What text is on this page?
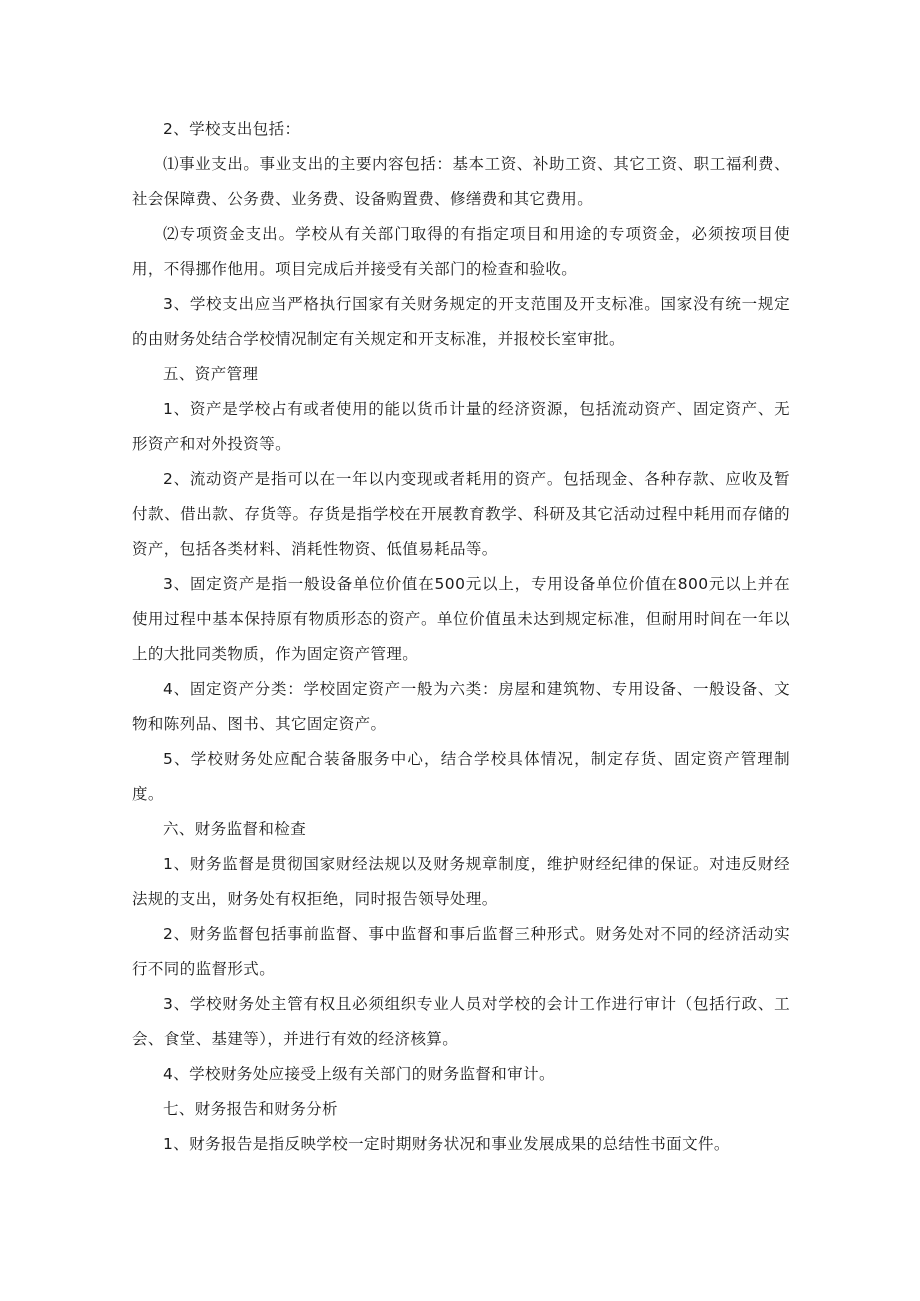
2、学校支出包括：

⑴事业支出。事业支出的主要内容包括：基本工资、补助工资、其它工资、职工福利费、社会保障费、公务费、业务费、设备购置费、修缮费和其它费用。

⑵专项资金支出。学校从有关部门取得的有指定项目和用途的专项资金，必须按项目使用，不得挪作他用。项目完成后并接受有关部门的检查和验收。

3、学校支出应当严格执行国家有关财务规定的开支范围及开支标准。国家没有统一规定的由财务处结合学校情况制定有关规定和开支标准，并报校长室审批。

五、资产管理

1、资产是学校占有或者使用的能以货币计量的经济资源，包括流动资产、固定资产、无形资产和对外投资等。

2、流动资产是指可以在一年以内变现或者耗用的资产。包括现金、各种存款、应收及暂付款、借出款、存货等。存货是指学校在开展教育教学、科研及其它活动过程中耗用而存储的资产，包括各类材料、消耗性物资、低值易耗品等。

3、固定资产是指一般设备单位价值在500元以上，专用设备单位价值在800元以上并在使用过程中基本保持原有物质形态的资产。单位价值虽未达到规定标准，但耐用时间在一年以上的大批同类物质，作为固定资产管理。

4、固定资产分类：学校固定资产一般为六类：房屋和建筑物、专用设备、一般设备、文物和陈列品、图书、其它固定资产。

5、学校财务处应配合装备服务中心，结合学校具体情况，制定存货、固定资产管理制度。

六、财务监督和检查

1、财务监督是贯彻国家财经法规以及财务规章制度，维护财经纪律的保证。对违反财经法规的支出，财务处有权拒绝，同时报告领导处理。

2、财务监督包括事前监督、事中监督和事后监督三种形式。财务处对不同的经济活动实行不同的监督形式。

3、学校财务处主管有权且必须组织专业人员对学校的会计工作进行审计（包括行政、工会、食堂、基建等），并进行有效的经济核算。

4、学校财务处应接受上级有关部门的财务监督和审计。

七、财务报告和财务分析

1、财务报告是指反映学校一定时期财务状况和事业发展成果的总结性书面文件。
